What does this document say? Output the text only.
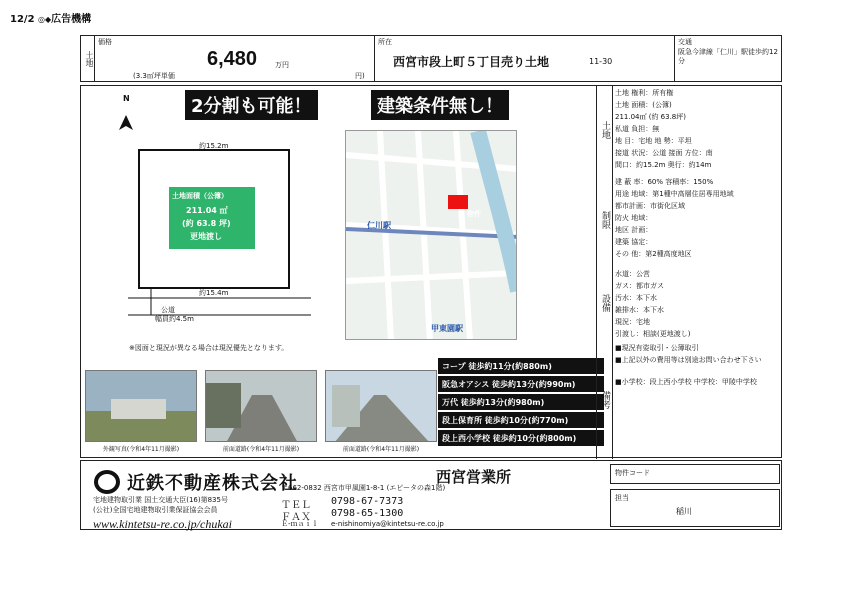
12/2 ◎◆広告機構
土地
価格
6,480	万円
(3.3㎡坪単価	円)
所在
西宮市段上町５丁目売り土地	11-30
交通
阪急今津線「仁川」駅徒歩約12分
2分割も可能！	建築条件無し！
N
約15.2m
約15.4m
土地面積（公簿）
211.04 ㎡
(約 63.8 坪)
更地渡し
公道
幅員約4.5m
※図面と現況が異なる場合は現況優先となります。
仁川駅
物件
甲東園駅
コープ 徒歩約11分(約880m)
阪急オアシス 徒歩約13分(約990m)
万代 徒歩約13分(約980m)
段上保育所 徒歩約10分(約770m)
段上西小学校 徒歩約10分(約800m)
外観写真(令和4年11月撮影)	前面道路(令和4年11月撮影)	前面道路(令和4年11月撮影)
土地
制限
設備
備考
土地 権利：所有権
土地 面積：(公簿)
211.04㎡ (約 63.8坪)
私道 負担：無
地 目：宅地 地 勢：平坦
接道 状況：公道 接面 方位：南
間口：約15.2m 奥行：約14m
建 蔽 率：60% 容積率：150%
用途 地域：第1種中高層住居専用地域
都市計画：市街化区域
防火 地域：
地区 計画：
建築 協定：
その 他：第2種高度地区
水道：公営
ガス：都市ガス
汚水：本下水
雑排水：本下水
現況：宅地
引渡し：相談(更地渡し)
■現況有姿取引・公簿取引
■上記以外の費用等は別途お問い合わせ下さい
■小学校：段上西小学校 中学校：甲陵中学校
近鉄不動産株式会社	西宮営業所
宅地建物取引業 国土交通大臣(16)第835号
(公社)全国宅地建物取引業保証協会会員
www.kintetsu-re.co.jp/chukai
〒662-0832 西宮市甲風園1-8-1 (エビータの森1階)
ＴＥＬ 0798-67-7373
ＦＡＸ 0798-65-1300
Ｅ-ｍａｉｌ e-nishinomiya@kintetsu-re.co.jp
物件コード
担当
稲川
